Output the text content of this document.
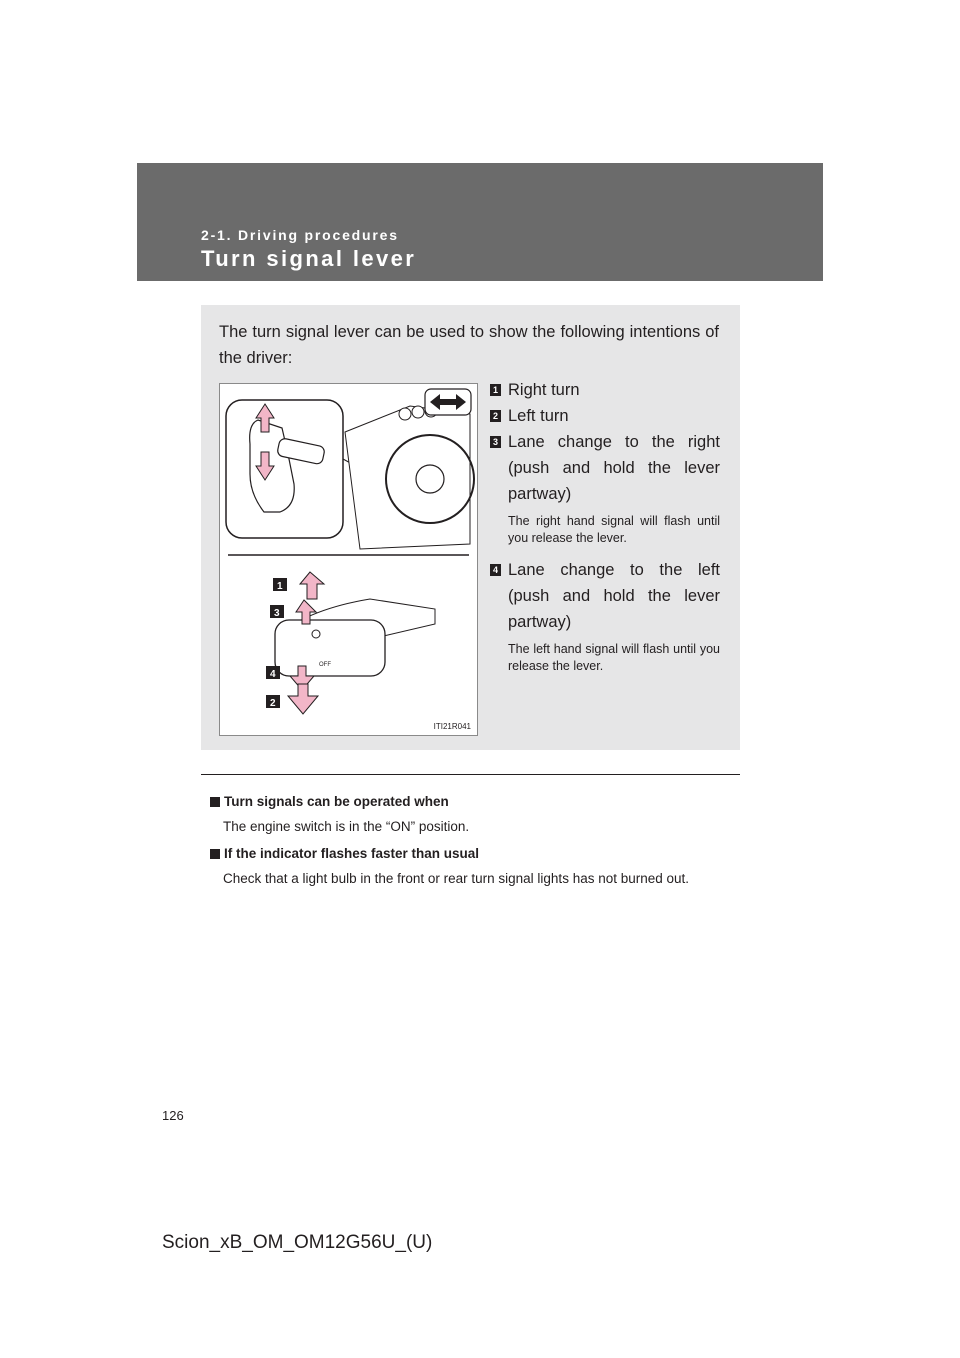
2-1. Driving procedures

Turn signal lever

The turn signal lever can be used to show the following intentions of the driver:

OFF
1
3
4
2
ITI21R041
1 Right turn

2 Left turn

3 Lane change to the right (push and hold the lever partway)

The right hand signal will flash until you release the lever.

4 Lane change to the left (push and hold the lever partway)

The left hand signal will flash until you release the lever.

Turn signals can be operated when

The engine switch is in the “ON” position.

If the indicator flashes faster than usual

Check that a light bulb in the front or rear turn signal lights has not burned out.

126

Scion_xB_OM_OM12G56U_(U)
